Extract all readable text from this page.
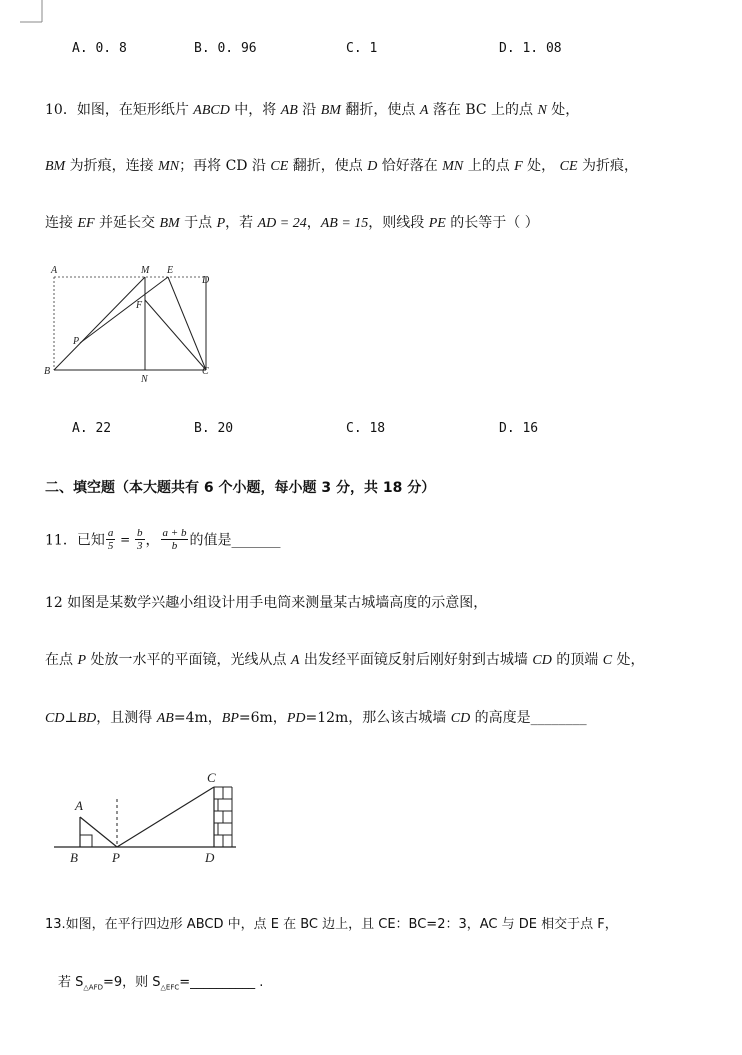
A. 0. 8	B. 0. 96	C. 1	D. 1. 08
10．如图，在矩形纸片 ABCD 中，将 AB 沿 BM 翻折，使点 A 落在 BC 上的点 N 处，
BM 为折痕，连接 MN；再将 CD 沿 CE 翻折，使点 D 恰好落在 MN 上的点 F 处， CE 为折痕，
连接 EF 并延长交 BM 于点 P，若 AD = 24，AB = 15，则线段 PE 的长等于（ ）
A	M E
D
F
P
B
N
C
A. 22	B. 20	C. 18	D. 16
二、填空题（本大题共有 6 个小题，每小题 3 分，共 18 分）
11．已知 $\frac{a}{5} = \frac{b}{3}$ ， $\frac{a + b}{b}$ 的值是_______
12 如图是某数学兴趣小组设计用手电筒来测量某古城墙高度的示意图，
在点 P 处放一水平的平面镜，光线从点 A 出发经平面镜反射后刚好射到古城墙 CD 的顶端 C 处，
CD⊥BD，且测得 AB=4m，BP=6m，PD=12m，那么该古城墙 CD 的高度是________
A
B	P
C
D
13.如图，在平行四边形 ABCD 中，点 E 在 BC 边上，且 CE：BC=2：3，AC 与 DE 相交于点 F，
若 $S_{\triangle AFD}=9$，则 $S_{\triangle EFC}=\_\_\_\_\_\_\_\_\_\_$ .
